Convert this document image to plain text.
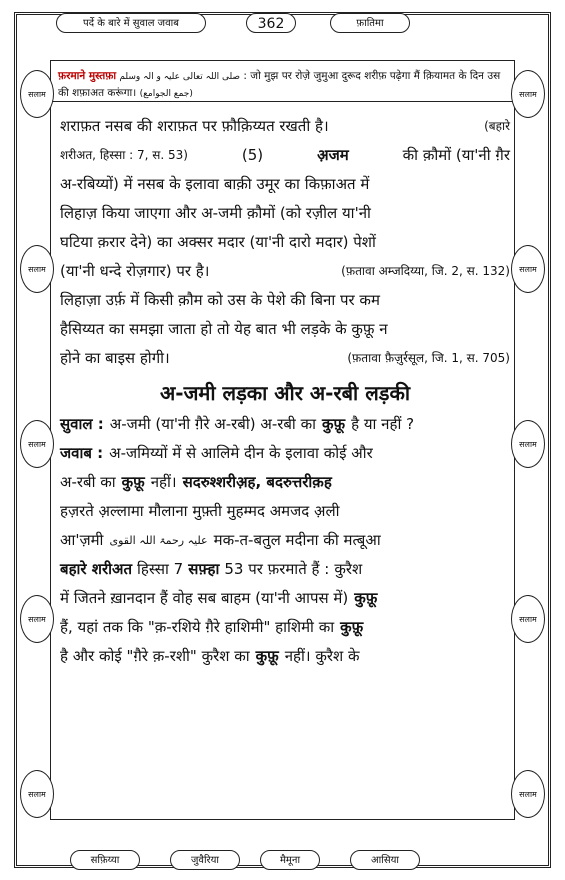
पर्दे के बारे में सुवाल जवाब	362	फ़ातिमा
सलाम
सलाम
सलाम
सलाम
सलाम
सलाम
सलाम
सलाम
सलाम
सलाम
फ़रमाने मुस्तफ़ा صلی اللہ تعالی علیہ و الہ وسلم : जो मुझ पर रोज़े जुमुआ दुरूद शरीफ़ पढ़ेगा मैं क़ियामत के दिन उस की शफ़ाअत करूंगा। (جمع الجوامع)
शराफ़त नसब की शराफ़त पर फ़ौक़िय्यत रखती है।	(बहारे
शरीअत, हिस्सा : 7, स. 53)	(5)	अ़जम	की क़ौमों (या'नी ग़ैर
अ-रबिय्यों) में नसब के इलावा बाक़ी उमूर का किफ़ाअत में
लिहाज़ किया जाएगा और अ-जमी क़ौमों (को रज़ील या'नी
घटिया क़रार देने) का अक्सर मदार (या'नी दारो मदार) पेशों
(या'नी धन्दे रोज़गार) पर है।	(फ़तावा अम्जदिय्या, जि. 2, स. 132)
लिहाज़ा उर्फ़ में किसी क़ौम को उस के पेशे की बिना पर कम
हैसिय्यत का समझा जाता हो तो येह बात भी लड़के के कुफ़ू न
होने का बाइस होगी।	(फ़तावा फ़ैज़ुर्रसूल, जि. 1, स. 705)
अ-जमी लड़का और अ-रबी लड़की
सुवाल : अ-जमी (या'नी ग़ैरे अ-रबी) अ-रबी का कुफ़ू है या नहीं ?
जवाब : अ-जमिय्यों में से आलिमे दीन के इलावा कोई और
अ-रबी का कुफ़ू नहीं। सदरुश्शरीअ़ह, बदरुत्तरीक़ह
हज़रते अ़ल्लामा मौलाना मुफ़्ती मुहम्मद अमजद अ़ली
आ'ज़मी علیہ رحمۃ اللہ القوی मक-त-बतुल मदीना की मत्बूआ
बहारे शरीअत हिस्सा 7 सफ़्हा 53 पर फ़रमाते हैं : कुरैश
में जितने ख़ानदान हैं वोह सब बाहम (या'नी आपस में) कुफ़ू
हैं, यहां तक कि "क़-रशिये ग़ैरे हाशिमी" हाशिमी का कुफ़ू
है और कोई "ग़ैरे क़-रशी" कुरैश का कुफ़ू नहीं। कुरैश के
सफ़िय्या	जुवैरिया	मैमूना	आसिया
